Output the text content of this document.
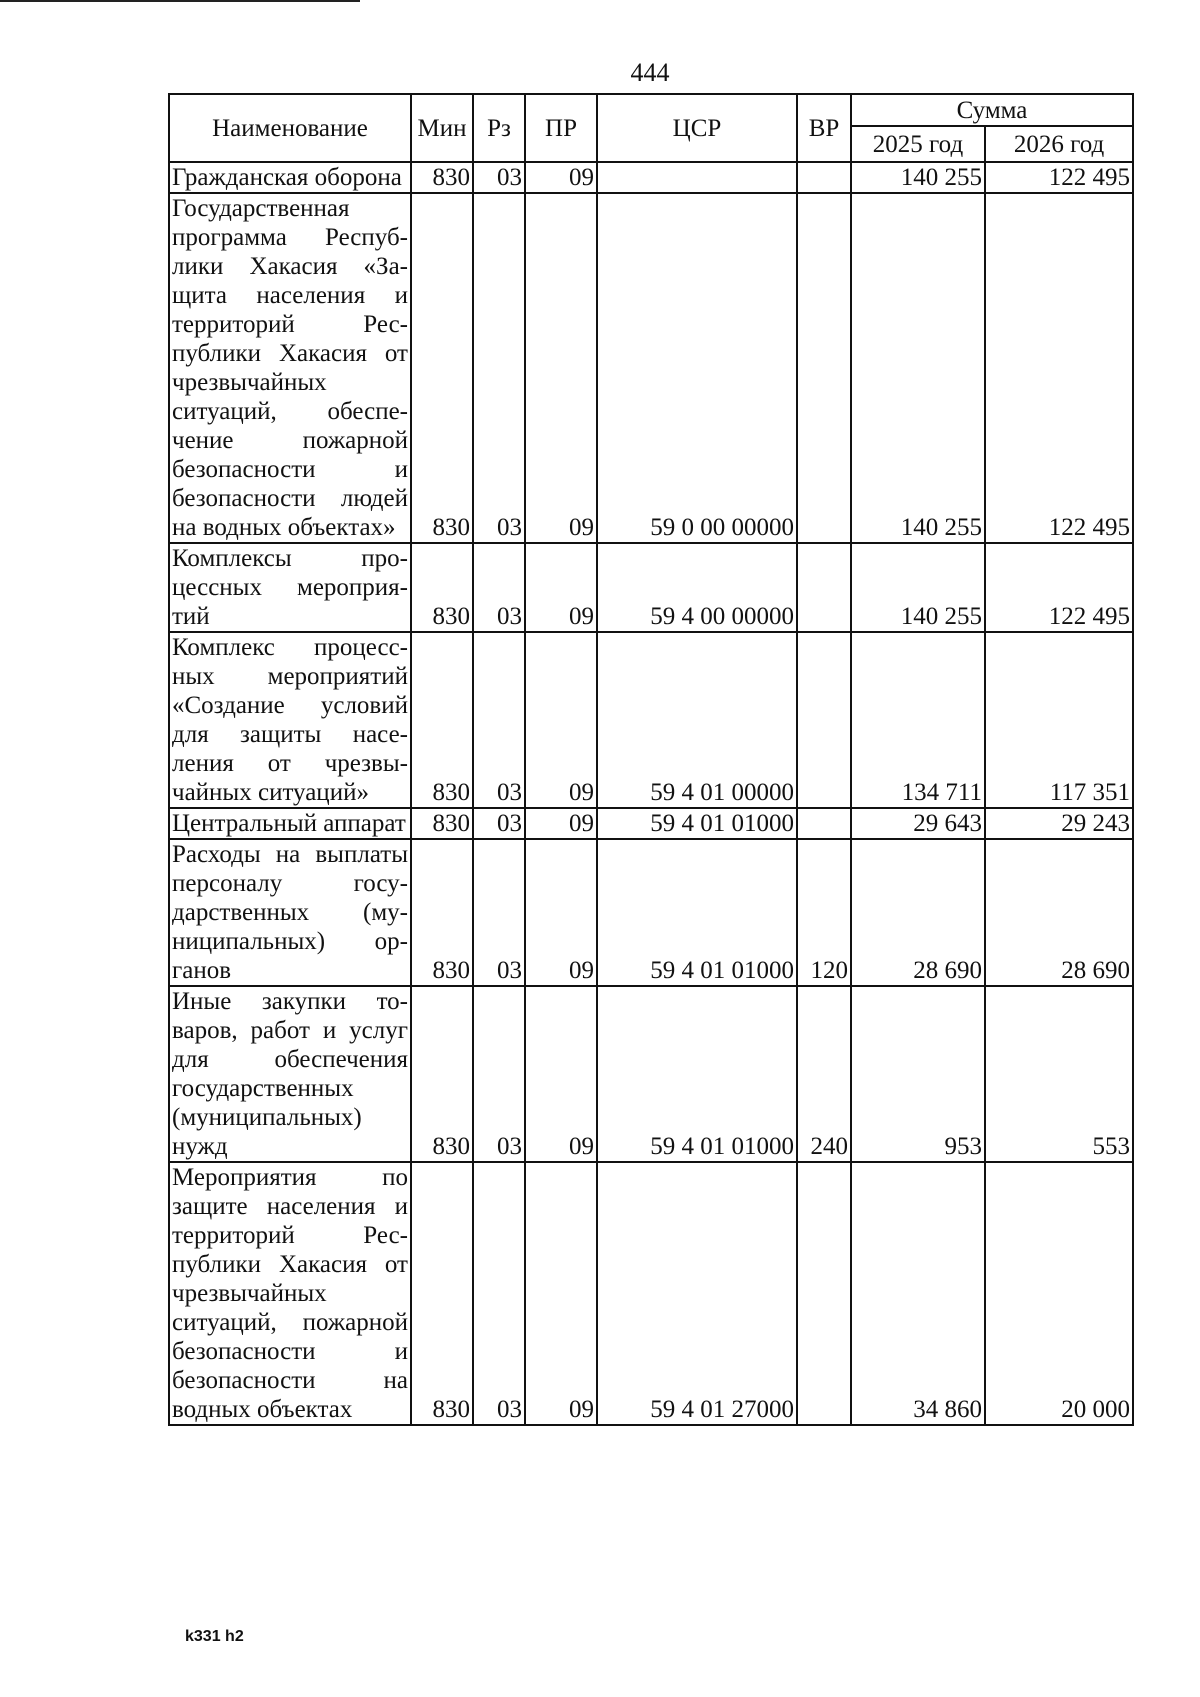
444
Наименование	Мин	Рз	ПР	ЦСР	ВР	Сумма	
						2025 год	2026 год
Гражданская оборона	830	03	09			140 255	122 495
Государственная программа Республики Хакасия «Защита населения и территорий Республики Хакасия от чрезвычайных ситуаций, обеспечение пожарной безопасности и безопасности людей на водных объектах»	830	03	09	59 0 00 00000		140 255	122 495
Комплексы процессных мероприятий	830	03	09	59 4 00 00000		140 255	122 495
Комплекс процессных мероприятий «Создание условий для защиты населения от чрезвычайных ситуаций»	830	03	09	59 4 01 00000		134 711	117 351
Центральный аппарат	830	03	09	59 4 01 01000		29 643	29 243
Расходы на выплаты персоналу государственных (муниципальных) органов	830	03	09	59 4 01 01000	120	28 690	28 690
Иные закупки товаров, работ и услуг для обеспечения государственных (муниципальных) нужд	830	03	09	59 4 01 01000	240	953	553
Мероприятия по защите населения и территорий Республики Хакасия от чрезвычайных ситуаций, пожарной безопасности и безопасности на водных объектах	830	03	09	59 4 01 27000		34 860	20 000
k331 h2
